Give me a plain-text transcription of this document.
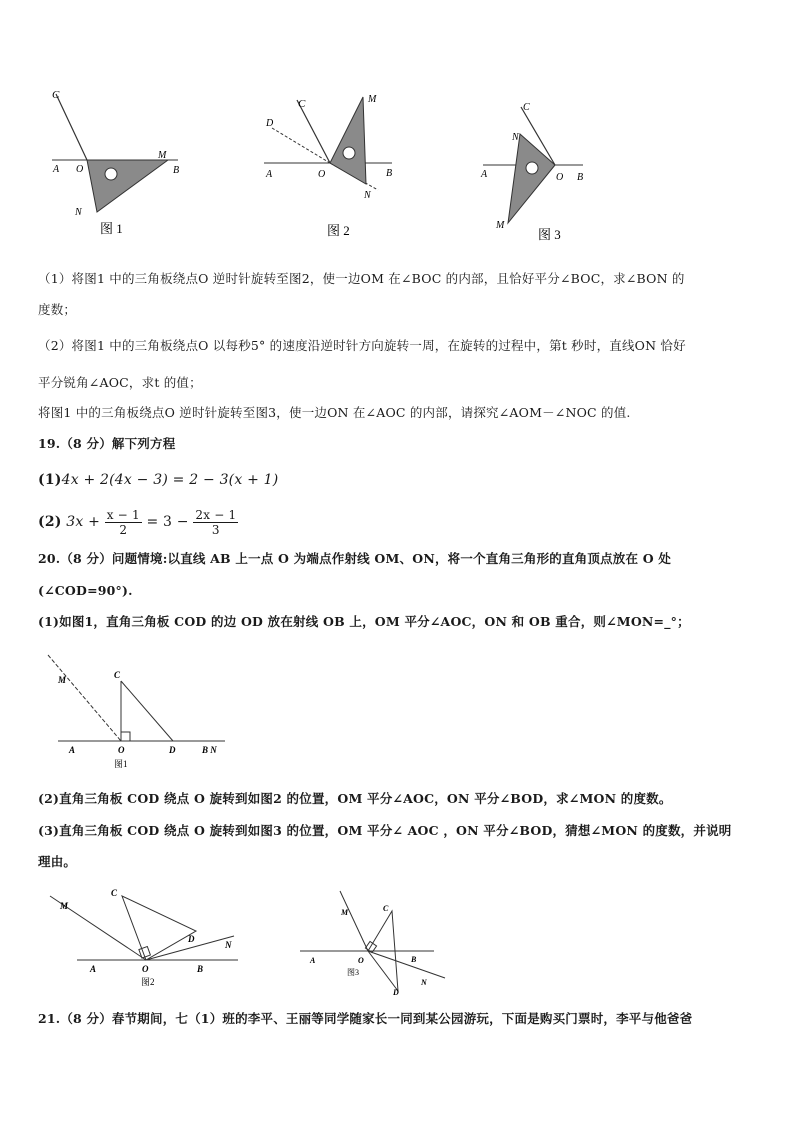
C
A O
M
B
N
图 1
C
D
M
A	O	B
N
图 2
C
N
A	O B
M
图 3
（1）将图1 中的三角板绕点O 逆时针旋转至图2，使一边OM 在∠BOC 的内部，且恰好平分∠BOC，求∠BON 的
度数；
（2）将图1 中的三角板绕点O 以每秒5° 的速度沿逆时针方向旋转一周，在旋转的过程中，第t 秒时，直线ON 恰好
平分锐角∠AOC，求t 的值；
将图1 中的三角板绕点O 逆时针旋转至图3，使一边ON 在∠AOC 的内部，请探究∠AOM－∠NOC 的值.
19.（8 分）解下列方程
(1)4x + 2(4x − 3) = 2 − 3(x + 1)
(2) $3x + \frac{x - 1}{2} = 3 - \frac{2x - 1}{3}$
20.（8 分）问题情境:以直线 AB 上一点 O 为端点作射线 OM、ON，将一个直角三角形的直角顶点放在 O 处
(∠COD=90°).
(1)如图1，直角三角板 COD 的边 OD 放在射线 OB 上，OM 平分∠AOC，ON 和 OB 重合，则∠MON=_°；
M	C
A	O	D	B N
图1
(2)直角三角板 COD 绕点 O 旋转到如图2 的位置，OM 平分∠AOC，ON 平分∠BOD，求∠MON 的度数。
(3)直角三角板 COD 绕点 O 旋转到如图3 的位置，OM 平分∠ AOC ，ON 平分∠BOD，猜想∠MON 的度数，并说明
理由。
M
C
D
N
A	O	B
图2
M	C
A	O	B
D
N
图3
21.（8 分）春节期间，七（1）班的李平、王丽等同学随家长一同到某公园游玩，下面是购买门票时，李平与他爸爸
